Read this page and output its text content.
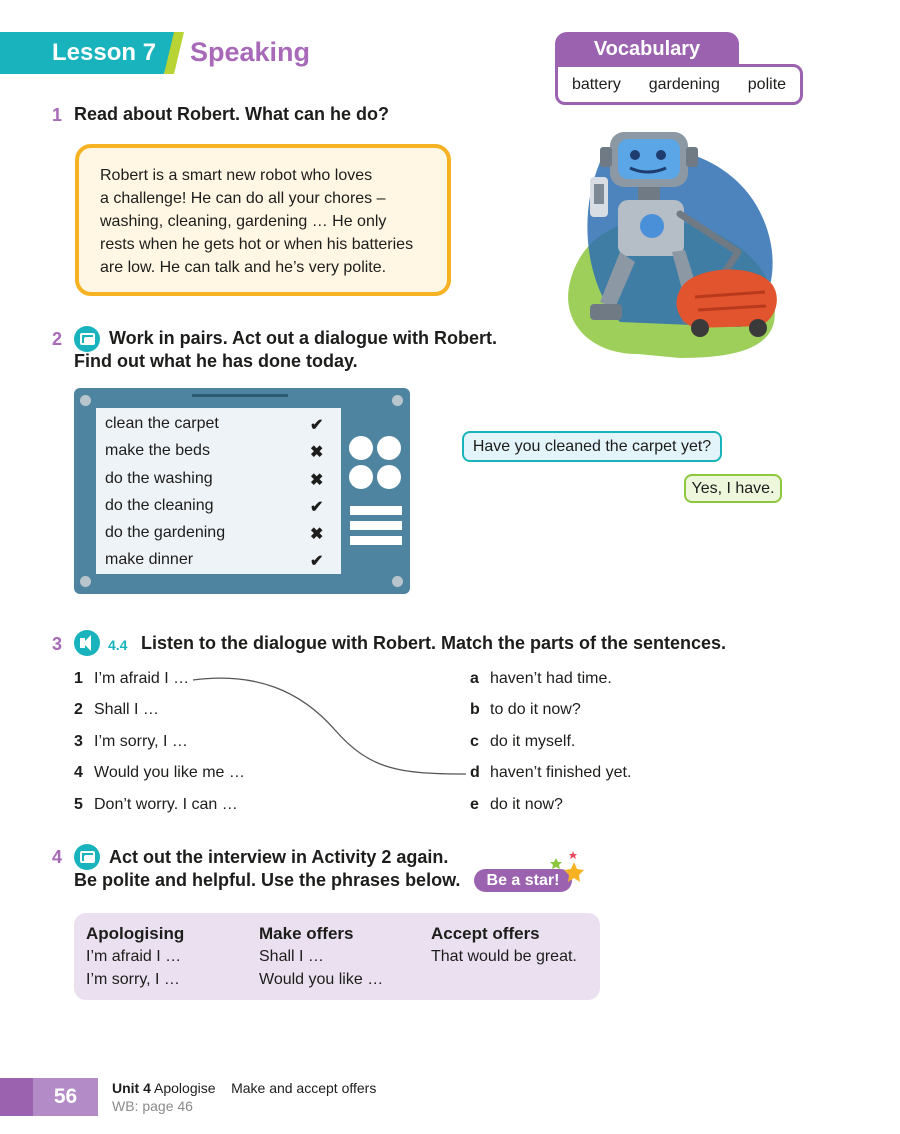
Lesson 7 Speaking	Vocabulary
battery gardening polite
1 Read about Robert. What can he do?
Robert is a smart new robot who loves
a challenge! He can do all your chores –
washing, cleaning, gardening … He only
rests when he gets hot or when his batteries
are low. He can talk and he’s very polite.
2	Work in pairs. Act out a dialogue with Robert.
Find out what he has done today.
clean the carpet	✔
make the beds	✖
do the washing	✖
do the cleaning	✔
do the gardening	✖
make dinner	✔
Have you cleaned the carpet yet?
Yes, I have.
3	4.4 Listen to the dialogue with Robert. Match the parts of the sentences.
1 I’m afraid I …
2 Shall I …
3 I’m sorry, I …
4 Would you like me …
5 Don’t worry. I can …
a haven’t had time.
b to do it now?
c do it myself.
d haven’t finished yet.
e do it now?
4	Act out the interview in Activity 2 again.
Be polite and helpful. Use the phrases below.	Be a star!
Apologising
I’m afraid I …
I’m sorry, I …
Make offers
Shall I …
Would you like …
Accept offers
That would be great.
56	Unit 4 Apologise    Make and accept offers
WB: page 46
